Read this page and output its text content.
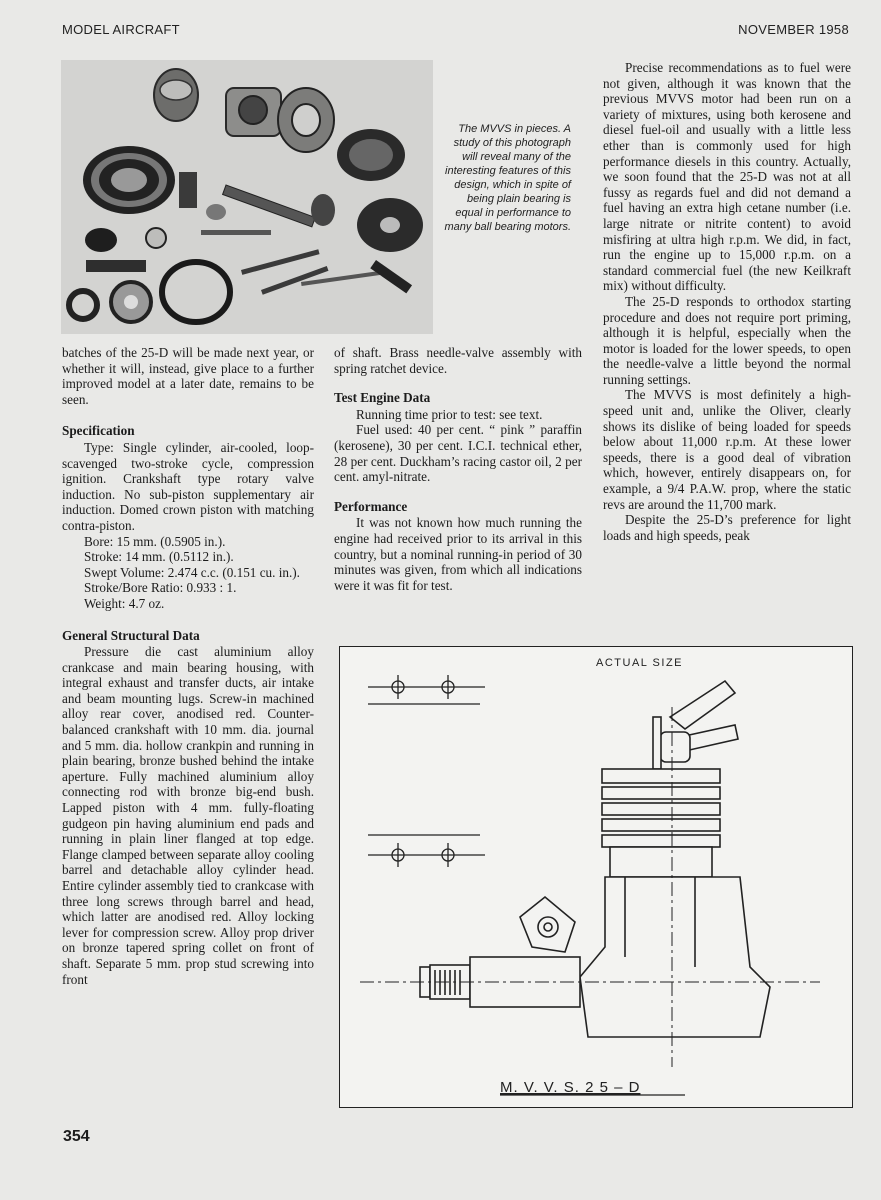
MODEL AIRCRAFT	NOVEMBER 1958
The MVVS in pieces. A study of this photograph will reveal many of the interesting features of this design, which in spite of being plain bearing is equal in performance to many ball bearing motors.

batches of the 25-D will be made next year, or whether it will, instead, give place to a further improved model at a later date, remains to be seen.

Specification

Type: Single cylinder, air-cooled, loop-scavenged two-stroke cycle, compression ignition. Crankshaft type rotary valve induction. No sub-piston supplementary air induction. Domed crown piston with matching contra-piston.

Bore: 15 mm. (0.5905 in.).

Stroke: 14 mm. (0.5112 in.).

Swept Volume: 2.474 c.c. (0.151 cu. in.).

Stroke/Bore Ratio: 0.933 : 1.

Weight: 4.7 oz.

General Structural Data

Pressure die cast aluminium alloy crankcase and main bearing housing, with integral exhaust and transfer ducts, air intake and beam mounting lugs. Screw-in machined alloy rear cover, anodised red. Counter-balanced crankshaft with 10 mm. dia. journal and 5 mm. dia. hollow crankpin and running in plain bearing, bronze bushed behind the intake aperture. Fully machined aluminium alloy connecting rod with bronze big-end bush. Lapped piston with 4 mm. fully-floating gudgeon pin having aluminium end pads and running in plain liner flanged at top edge. Flange clamped between separate alloy cooling barrel and detachable alloy cylinder head. Entire cylinder assembly tied to crankcase with three long screws through barrel and head, which latter are anodised red. Alloy locking lever for compression screw. Alloy prop driver on bronze tapered spring collet on front of shaft. Separate 5 mm. prop stud screwing into front

of shaft. Brass needle-valve assembly with spring ratchet device.

Test Engine Data

Running time prior to test: see text.

Fuel used: 40 per cent. “ pink ” paraffin (kerosene), 30 per cent. I.C.I. technical ether, 28 per cent. Duckham’s racing castor oil, 2 per cent. amyl-nitrate.

Performance

It was not known how much running the engine had received prior to its arrival in this country, but a nominal running-in period of 30 minutes was given, from which all indications were it was fit for test.

Precise recommendations as to fuel were not given, although it was known that the previous MVVS motor had been run on a variety of mixtures, using both kerosene and diesel fuel-oil and usually with a little less ether than is commonly used for high performance diesels in this country. Actually, we soon found that the 25-D was not at all fussy as regards fuel and did not demand a fuel having an extra high cetane number (i.e. large nitrate or nitrite content) to avoid misfiring at ultra high r.p.m. We did, in fact, run the engine up to 15,000 r.p.m. on a standard commercial fuel (the new Keilkraft mix) without difficulty.

The 25-D responds to orthodox starting procedure and does not require port priming, although it is helpful, especially when the motor is loaded for the lower speeds, to open the needle-valve a little beyond the normal running settings.

The MVVS is most definitely a high-speed unit and, unlike the Oliver, clearly shows its dislike of being loaded for speeds below about 11,000 r.p.m. At these lower speeds, there is a good deal of vibration which, however, entirely disappears on, for example, a 9/4 P.A.W. prop, where the static revs are around the 11,700 mark.

Despite the 25-D’s preference for light loads and high speeds, peak

ACTUAL SIZE
M. V. V. S. 2 5 – D
354
